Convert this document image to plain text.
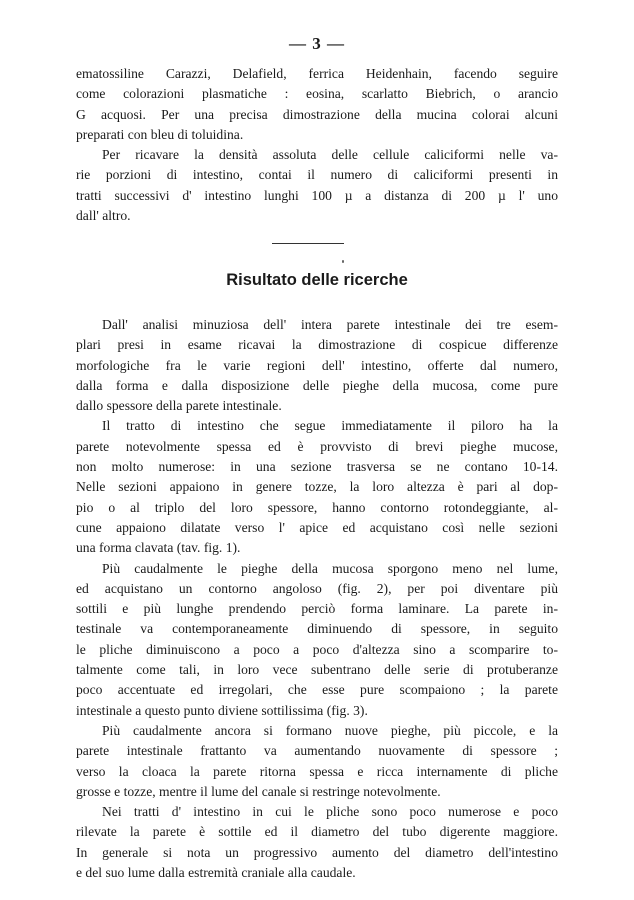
— 3 —
ematossiline Carazzi, Delafield, ferrica Heidenhain, facendo seguire
come colorazioni plasmatiche : eosina, scarlatto Biebrich, o arancio
G acquosi. Per una precisa dimostrazione della mucina colorai alcuni
preparati con bleu di toluidina.
Per ricavare la densità assoluta delle cellule caliciformi nelle va-
rie porzioni di intestino, contai il numero di caliciformi presenti in
tratti successivi d' intestino lunghi 100 µ a distanza di 200 µ l' uno
dall' altro.
Risultato delle ricerche
Dall' analisi minuziosa dell' intera parete intestinale dei tre esem-
plari presi in esame ricavai la dimostrazione di cospicue differenze
morfologiche fra le varie regioni dell' intestino, offerte dal numero,
dalla forma e dalla disposizione delle pieghe della mucosa, come pure
dallo spessore della parete intestinale.
Il tratto di intestino che segue immediatamente il piloro ha la
parete notevolmente spessa ed è provvisto di brevi pieghe mucose,
non molto numerose: in una sezione trasversa se ne contano 10-14.
Nelle sezioni appaiono in genere tozze, la loro altezza è pari al dop-
pio o al triplo del loro spessore, hanno contorno rotondeggiante, al-
cune appaiono dilatate verso l' apice ed acquistano così nelle sezioni
una forma clavata (tav. fig. 1).
Più caudalmente le pieghe della mucosa sporgono meno nel lume,
ed acquistano un contorno angoloso (fig. 2), per poi diventare più
sottili e più lunghe prendendo perciò forma laminare. La parete in-
testinale va contemporaneamente diminuendo di spessore, in seguito
le pliche diminuiscono a poco a poco d'altezza sino a scomparire to-
talmente come tali, in loro vece subentrano delle serie di protuberanze
poco accentuate ed irregolari, che esse pure scompaiono ; la parete
intestinale a questo punto diviene sottilissima (fig. 3).
Più caudalmente ancora si formano nuove pieghe, più piccole, e la
parete intestinale frattanto va aumentando nuovamente di spessore ;
verso la cloaca la parete ritorna spessa e ricca internamente di pliche
grosse e tozze, mentre il lume del canale si restringe notevolmente.
Nei tratti d' intestino in cui le pliche sono poco numerose e poco
rilevate la parete è sottile ed il diametro del tubo digerente maggiore.
In generale si nota un progressivo aumento del diametro dell'intestino
e del suo lume dalla estremità craniale alla caudale.
